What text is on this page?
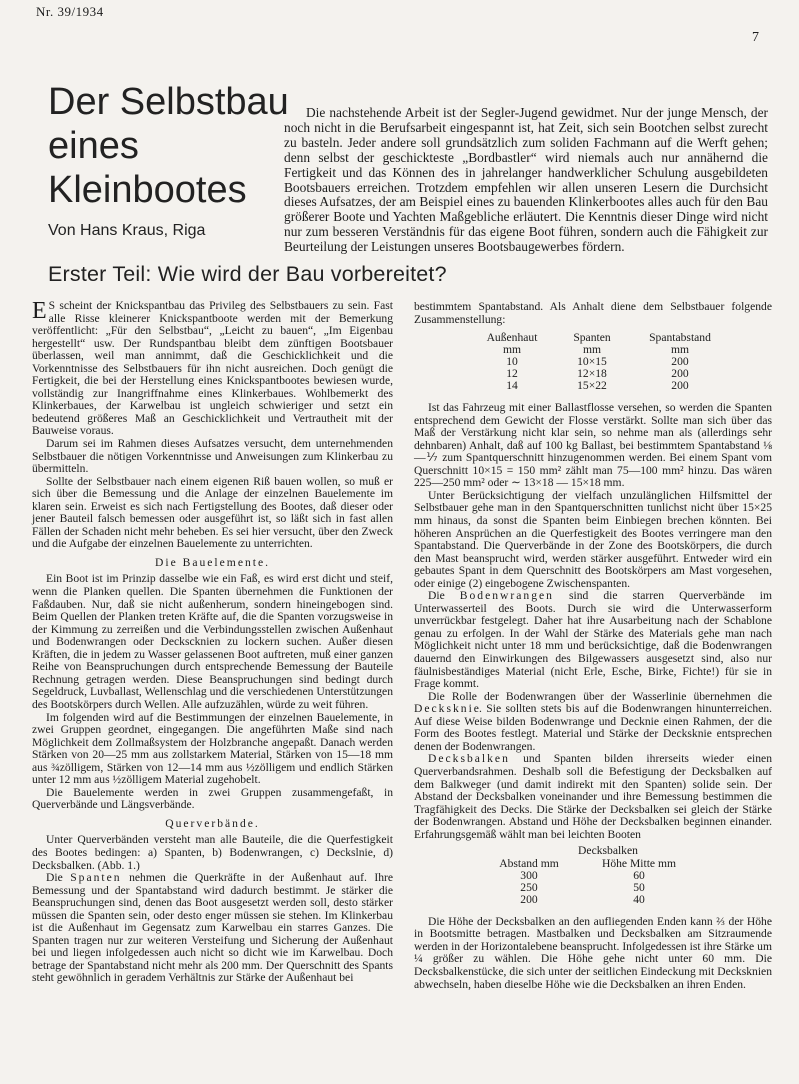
Nr. 39/1934
7
Der Selbstbau
eines
Kleinbootes
Von Hans Kraus, Riga

Die nachstehende Arbeit ist der Segler-Jugend gewidmet. Nur der junge Mensch, der noch nicht in die Berufsarbeit eingespannt ist, hat Zeit, sich sein Bootchen selbst zurecht zu basteln. Jeder andere soll grundsätzlich zum soliden Fachmann auf die Werft gehen; denn selbst der geschickteste „Bordbastler“ wird niemals auch nur annähernd die Fertigkeit und das Können des in jahrelanger handwerklicher Schulung ausgebildeten Bootsbauers erreichen. Trotzdem empfehlen wir allen unseren Lesern die Durchsicht dieses Aufsatzes, der am Beispiel eines zu bauenden Klinkerbootes alles auch für den Bau größerer Boote und Yachten Maßgebliche erläutert. Die Kenntnis dieser Dinge wird nicht nur zum besseren Verständnis für das eigene Boot führen, sondern auch die Fähigkeit zur Beurteilung der Leistungen unseres Bootsbaugewerbes fördern.

Erster Teil: Wie wird der Bau vorbereitet?

E S scheint der Knickspantbau das Privileg des Selbstbauers zu sein. Fast alle Risse kleinerer Knickspantboote werden mit der Bemerkung veröffentlicht: „Für den Selbstbau“, „Leicht zu bauen“, „Im Eigenbau hergestellt“ usw. Der Rundspantbau bleibt dem zünftigen Bootsbauer überlassen, weil man annimmt, daß die Geschicklichkeit und die Vorkenntnisse des Selbstbauers für ihn nicht ausreichen. Doch genügt die Fertigkeit, die bei der Herstellung eines Knickspantbootes bewiesen wurde, vollständig zur Inangriffnahme eines Klinkerbaues. Wohlbemerkt des Klinkerbaues, der Karwelbau ist ungleich schwieriger und setzt ein bedeutend größeres Maß an Geschicklichkeit und Vertrautheit mit der Bauweise voraus.

Darum sei im Rahmen dieses Aufsatzes versucht, dem unternehmenden Selbstbauer die nötigen Vorkenntnisse und Anweisungen zum Klinkerbau zu übermitteln.

Sollte der Selbstbauer nach einem eigenen Riß bauen wollen, so muß er sich über die Bemessung und die Anlage der einzelnen Bauelemente im klaren sein. Erweist es sich nach Fertigstellung des Bootes, daß dieser oder jener Bauteil falsch bemessen oder ausgeführt ist, so läßt sich in fast allen Fällen der Schaden nicht mehr beheben. Es sei hier versucht, über den Zweck und die Aufgabe der einzelnen Bauelemente zu unterrichten.

Die Bauelemente.

Ein Boot ist im Prinzip dasselbe wie ein Faß, es wird erst dicht und steif, wenn die Planken quellen. Die Spanten übernehmen die Funktionen der Faßdauben. Nur, daß sie nicht außenherum, sondern hineingebogen sind. Beim Quellen der Planken treten Kräfte auf, die die Spanten vorzugsweise in der Kimmung zu zerreißen und die Verbindungsstellen zwischen Außenhaut und Bodenwrangen oder Deckscknien zu lockern suchen. Außer diesen Kräften, die in jedem zu Wasser gelassenen Boot auftreten, muß einer ganzen Reihe von Beanspruchungen durch entsprechende Bemessung der Bauteile Rechnung getragen werden. Diese Beanspruchungen sind bedingt durch Segeldruck, Luvballast, Wellenschlag und die verschiedenen Unterstützungen des Bootskörpers durch Wellen. Alle aufzuzählen, würde zu weit führen.

Im folgenden wird auf die Bestimmungen der einzelnen Bauelemente, in zwei Gruppen geordnet, eingegangen. Die angeführten Maße sind nach Möglichkeit dem Zollmaßsystem der Holzbranche angepaßt. Danach werden Stärken von 20—25 mm aus zollstarkem Material, Stärken von 15—18 mm aus ¾zölligem, Stärken von 12—14 mm aus ½zölligem und endlich Stärken unter 12 mm aus ½zölligem Material zugehobelt.

Die Bauelemente werden in zwei Gruppen zusammengefaßt, in Querverbände und Längsverbände.

Querverbände.

Unter Querverbänden versteht man alle Bauteile, die die Querfestigkeit des Bootes bedingen: a) Spanten, b) Bodenwrangen, c) Deckslnie, d) Decksbalken. (Abb. 1.)

Die Spanten nehmen die Querkräfte in der Außenhaut auf. Ihre Bemessung und der Spantabstand wird dadurch bestimmt. Je stärker die Beanspruchungen sind, denen das Boot ausgesetzt werden soll, desto stärker müssen die Spanten sein, oder desto enger müssen sie stehen. Im Klinkerbau ist die Außenhaut im Gegensatz zum Karwelbau ein starres Ganzes. Die Spanten tragen nur zur weiteren Versteifung und Sicherung der Außenhaut bei und liegen infolgedessen auch nicht so dicht wie im Karwelbau. Doch betrage der Spantabstand nicht mehr als 200 mm. Der Querschnitt des Spants steht gewöhnlich in geradem Verhältnis zur Stärke der Außenhaut bei

bestimmtem Spantabstand. Als Anhalt diene dem Selbstbauer folgende Zusammenstellung:

Außenhaut	Spanten	Spantabstand
mm	mm	mm
10	10×15	200
12	12×18	200
14	15×22	200

Ist das Fahrzeug mit einer Ballastflosse versehen, so werden die Spanten entsprechend dem Gewicht der Flosse verstärkt. Sollte man sich über das Maß der Verstärkung nicht klar sein, so nehme man als (allerdings sehr dehnbaren) Anhalt, daß auf 100 kg Ballast, bei bestimmtem Spantabstand ⅛—⅐ zum Spantquerschnitt hinzugenommen werden. Bei einem Spant vom Querschnitt 10×15 = 150 mm² zählt man 75—100 mm² hinzu. Das wären 225—250 mm² oder ∼ 13×18 — 15×18 mm.

Unter Berücksichtigung der vielfach unzulänglichen Hilfsmittel der Selbstbauer gehe man in den Spantquerschnitten tunlichst nicht über 15×25 mm hinaus, da sonst die Spanten beim Einbiegen brechen könnten. Bei höheren Ansprüchen an die Querfestigkeit des Bootes verringere man den Spantabstand. Die Querverbände in der Zone des Bootskörpers, die durch den Mast beansprucht wird, werden stärker ausgeführt. Entweder wird ein gebautes Spant in dem Querschnitt des Bootskörpers am Mast vorgesehen, oder einige (2) eingebogene Zwischenspanten.

Die Bodenwrangen sind die starren Querverbände im Unterwasserteil des Boots. Durch sie wird die Unterwasserform unverrückbar festgelegt. Daher hat ihre Ausarbeitung nach der Schablone genau zu erfolgen. In der Wahl der Stärke des Materials gehe man nach Möglichkeit nicht unter 18 mm und berücksichtige, daß die Bodenwrangen dauernd den Einwirkungen des Bilgewassers ausgesetzt sind, also nur fäulnisbeständiges Material (nicht Erle, Esche, Birke, Fichte!) für sie in Frage kommt.

Die Rolle der Bodenwrangen über der Wasserlinie übernehmen die Decksknie. Sie sollten stets bis auf die Bodenwrangen hinunterreichen. Auf diese Weise bilden Bodenwrange und Decknie einen Rahmen, der die Form des Bootes festlegt. Material und Stärke der Decksknie entsprechen denen der Bodenwrangen.

Decksbalken und Spanten bilden ihrerseits wieder einen Querverbandsrahmen. Deshalb soll die Befestigung der Decksbalken auf dem Balkweger (und damit indirekt mit den Spanten) solide sein. Der Abstand der Decksbalken voneinander und ihre Bemessung bestimmen die Tragfähigkeit des Decks. Die Stärke der Decksbalken sei gleich der Stärke der Bodenwrangen. Abstand und Höhe der Decksbalken beginnen einander. Erfahrungsgemäß wählt man bei leichten Booten

Decksbalken
Abstand mm	Höhe Mitte mm
300	60
250	50
200	40

Die Höhe der Decksbalken an den aufliegenden Enden kann ⅔ der Höhe in Bootsmitte betragen. Mastbalken und Decksbalken am Sitzraumende werden in der Horizontalebene beansprucht. Infolgedessen ist ihre Stärke um ¼ größer zu wählen. Die Höhe gehe nicht unter 60 mm. Die Decksbalkenstücke, die sich unter der seitlichen Eindeckung mit Decksknien abwechseln, haben dieselbe Höhe wie die Decksbalken an ihren Enden.
